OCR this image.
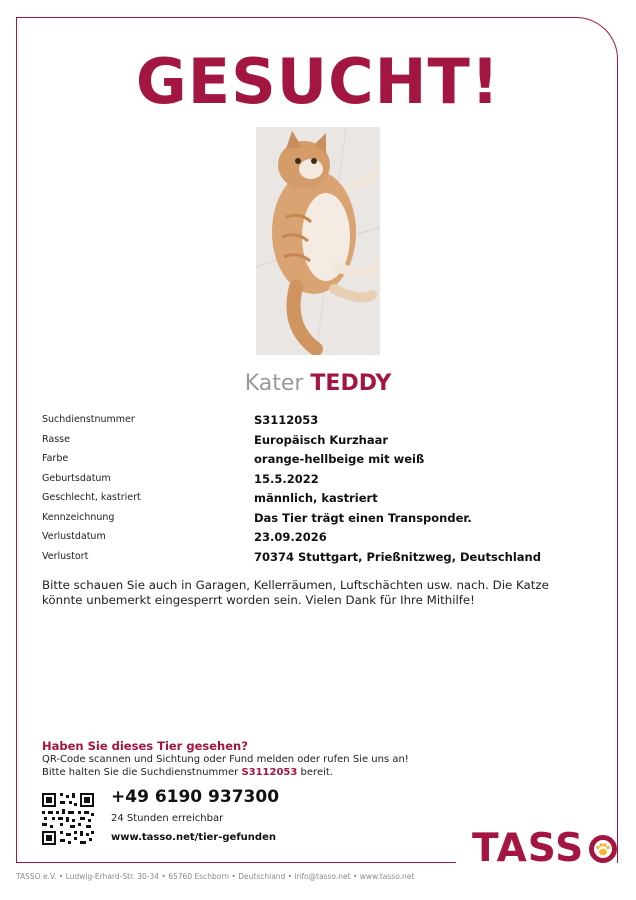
GESUCHT!
Kater TEDDY
Suchdienstnummer	S3112053
Rasse	Europäisch Kurzhaar
Farbe	orange-hellbeige mit weiß
Geburtsdatum	15.5.2022
Geschlecht, kastriert	männlich, kastriert
Kennzeichnung	Das Tier trägt einen Transponder.
Verlustdatum	23.09.2026
Verlustort	70374 Stuttgart, Prießnitzweg, Deutschland
Bitte schauen Sie auch in Garagen, Kellerräumen, Luftschächten usw. nach. Die Katze könnte unbemerkt eingesperrt worden sein. Vielen Dank für Ihre Mithilfe!
Haben Sie dieses Tier gesehen?
QR-Code scannen und Sichtung oder Fund melden oder rufen Sie uns an!
Bitte halten Sie die Suchdienstnummer S3112053 bereit.
+49 6190 937300
24 Stunden erreichbar
www.tasso.net/tier-gefunden	TASS
TASSO e.V. • Ludwig-Erhard-Str. 30-34 • 65760 Eschborn • Deutschland • info@tasso.net • www.tasso.net
